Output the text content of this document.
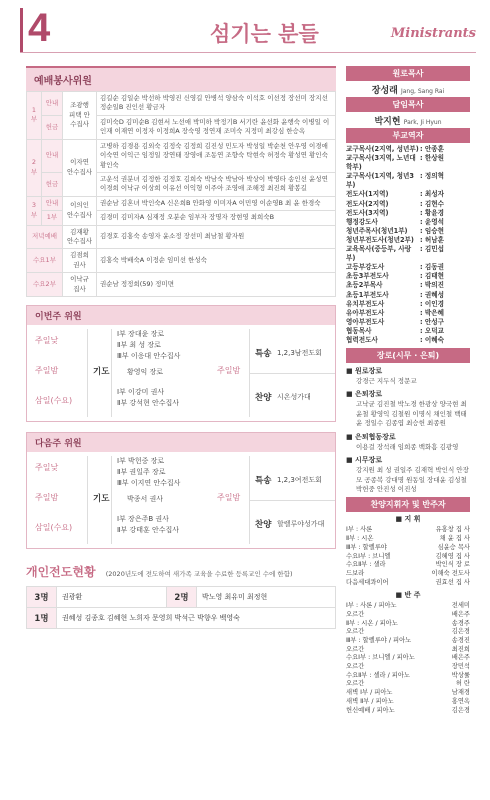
4	섬기는 분들	Ministrants
예배봉사위원
1부	안내	조광행 피택 안수집사	김길순 김일순 박선하 박영진 신영길 안병석 양삼숙 이석호 이선정 장선미 장지선 정순일B 진인선 황금자
	헌금		김미숙D 김미순B 김현서 노선애 박미하 박정기B 서기란 윤선화 윤행숙 이병일 이인재 이재연 이정자 이정희A 장숙영 정연재 조미숙 지정미 최강심 한승옥
2부	안내	이자연 안수집사	고병하 김경용 김외숙 김정숙 김정희 김진성 민도자 박성일 박순천 안우영 이경애 이숙연 이익근 임정일 장연태 장영애 조동연 조향숙 탁현숙 허정숙 황성연 황인숙 황인숙
	헌금		고운석 권분녀 김정한 김정호 김희숙 박남숙 박남아 박상이 박영타 송인선 윤성연 이경희 이낙규 이상희 이유선 이익형 이주아 조영애 조해정 최진희 황봉길
3부	안내	이의인 안수집사	권순남 김혼녀 박인숙A 신은희B 안화영 이미자A 이민영 이순영B 최 윤 한경숙
	1부		김경미 김미자A 심재정 오분순 임부자 장명자 장현영 최희숙B
저녁예배		김재황 안수집사	김경호 김홍숙 송영자 윤소정 장선미 최남철 황자원
수요1부		김점희 권사	김홍숙 박배숙A 이정순 임미선 한성숙
수요2부		이낙규 집사	권순남 정정희(59) 정미면
이번주 위원
주일낮
주일밤
삼일(수요)
기도
Ⅰ부 장대윤 장로
Ⅱ부 최 성 장로
Ⅲ부 이응대 안수집사
황영익 장로	주일밤
Ⅰ부 이강미 권사
Ⅱ부 강석현 안수집사
특송 1,2,3남전도회
찬양 시온성가대
다음주 위원
주일낮
주일밤
삼일(수요)
기도
Ⅰ부 박헌중 장로
Ⅱ부 권일주 장로
Ⅲ부 이지연 안수집사
박종서 권사	주일밤
Ⅰ부 장은주B 권사
Ⅱ부 강태훈 안수집사
특송 1,2,3여전도회
찬양 할렐루야성가대
개인전도현황 (2020년도에 전도하여 새가족 교육을 수료한 등록교인 수에 한함)
3명	권광환	2명	박노영 최유미 최정현
1명	권혜성 김종호 김혜현 노희자 문영희 박석근 박향우 백영숙		
원로목사
장성래 Jang, Sang Rai
담임목사
박지현 Park, Ji Hyun
부교역자
교구목사(2지역, 성년부) : 안종훈
교구목사(3지역, 노년대학부)
: 한상원
교구목사(1지역, 청년3부)
: 정의혁
전도사(1지역)	: 최성자
전도사(2지역)	: 김현수
전도사(3지역)	: 황윤경
행정강도사	: 윤영석
청년주목사(청년1부)	: 임승현
청년부전도사(청년2부) : 허남훈
교육목사(중등부, 사랑부)
: 김민섭
고등부강도사	: 김동권
초등3부전도사	: 김태현
초등2부목사	: 박의진
초등1부전도사	: 권혜성
유치부전도사	: 이인경
유아부전도사	: 박은혜
영아부전도사	: 안성구
협동목사	: 오덕교
협력전도사	: 이혜숙
장로(시무 · 은퇴)
■ 원로장로
강경근 지두식 정문교
■ 은퇴장로
고낙균 김진철 박노경 한광상 양국현 최윤철 황영익 김철원 이명식 채인철 백태윤 정일수 김종엽 최승헌 최종원
■ 은퇴협동장로
이용걸 장석래 임희종 백화흠 김광영
■ 시무장로
강지원 최 성 권일주 김재혁 박인식 안장모 공종복 강대명 원동일 장대윤 김성철 박헌중 안진성 이진성
찬양지휘자 및 반주자
■ 지 휘
Ⅰ부 : 사론	유홍창 집 사
Ⅱ부 : 시온	채 윤 집 사
Ⅲ부 : 할렐루야	심윤승 목사
수요Ⅰ부 : 브니엘	김혜영 집 사
수요Ⅱ부 : 샐라	박인식 장 로
드보라	이해숙 전도사
다음세대콰이어	권효선 집 사
■ 반 주
Ⅰ부 : 사론 / 피아노	전세미
오르간	배은주
Ⅱ부 : 시온 / 피아노	송경주
오르간	김은경
Ⅲ부 : 할렐루야 / 피아노	송경진
오르간	최진희
수요Ⅰ부 : 브니엘 / 피아노	배은주
오르간	장민석
수요Ⅱ부 : 셀라 / 피아노	박상률
오르간	허 란
새벽 Ⅰ부 / 피아노	남재경
새벽 Ⅱ부 / 피아노	홍연옥
헌신예배 / 피아노	김은경
